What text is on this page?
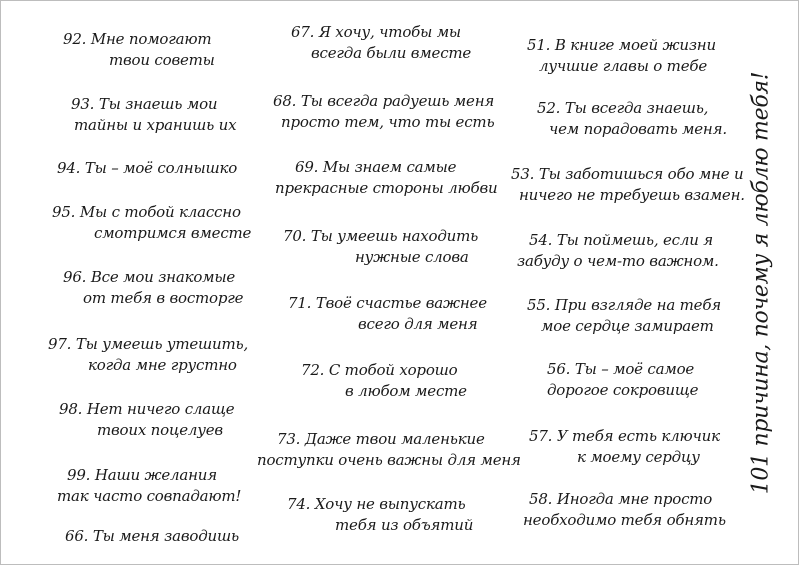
92. Мне помогают
твои советы
93. Ты знаешь мои
тайны и хранишь их
94. Ты – моё солнышко
95. Мы с тобой классно
смотримся вместе
96. Все мои знакомые
от тебя в восторге
97. Ты умеешь утешить,
когда мне грустно
98. Нет ничего слаще
твоих поцелуев
99. Наши желания
так часто совпадают!
66. Ты меня заводишь
67. Я хочу, чтобы мы
всегда были вместе
68. Ты всегда радуешь меня
просто тем, что ты есть
69. Мы знаем самые
прекрасные стороны любви
70. Ты умеешь находить
нужные слова
71. Твоё счастье важнее
всего для меня
72. С тобой хорошо
в любом месте
73. Даже твои маленькие
поступки очень важны для меня
74. Хочу не выпускать
тебя из объятий
51. В книге моей жизни
лучшие главы о тебе
52. Ты всегда знаешь,
чем порадовать меня.
53. Ты заботишься обо мне и
ничего не требуешь взамен.
54. Ты поймешь, если я
забуду о чем-то важном.
55. При взгляде на тебя
мое сердце замирает
56. Ты – моё самое
дорогое сокровище
57. У тебя есть ключик
к моему сердцу
58. Иногда мне просто
необходимо тебя обнять
101 причина, почему я люблю тебя!
